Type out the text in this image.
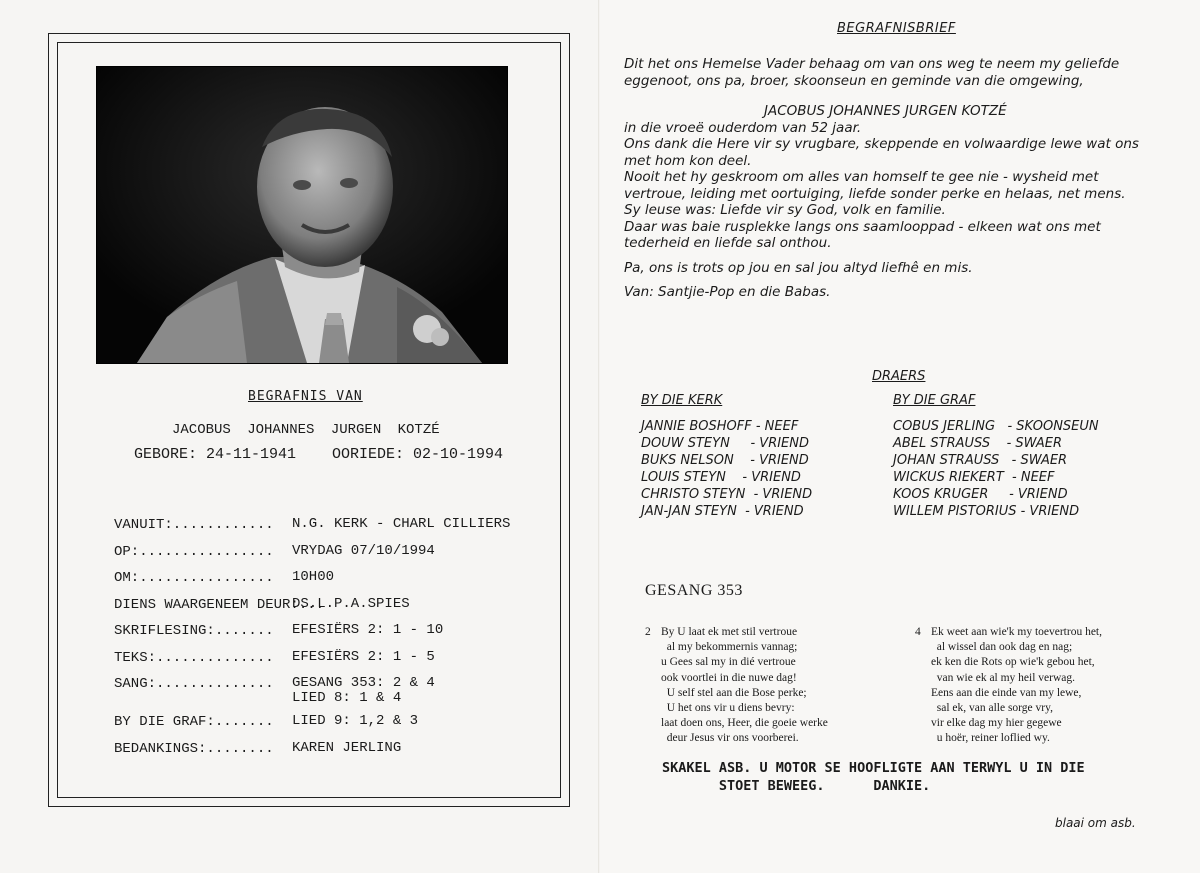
BEGRAFNIS VAN
JACOBUS JOHANNES JURGEN KOTZÉ
GEBORE: 24-11-1941    OORIEDE: 02-10-1994
VANUIT:............	N.G. KERK - CHARL CILLIERS
OP:................	VRYDAG 07/10/1994
OM:................	10H00
DIENS WAARGENEEM DEUR:...
DS.L.P.A.SPIES
SKRIFLESING:.......	EFESIËRS 2: 1 - 10
TEKS:..............	EFESIËRS 2: 1 - 5
SANG:..............	GESANG 353: 2 & 4
LIED 8: 1 & 4
BY DIE GRAF:.......	LIED 9: 1,2 & 3
BEDANKINGS:........	KAREN JERLING
BEGRAFNISBRIEF

Dit het ons Hemelse Vader behaag om van ons weg te neem my geliefde eggenoot, ons pa, broer, skoonseun en geminde van die omgewing,

JACOBUS JOHANNES JURGEN KOTZÉ

in die vroeë ouderdom van 52 jaar.

Ons dank die Here vir sy vrugbare, skeppende en volwaardige lewe wat ons met hom kon deel.

Nooit het hy geskroom om alles van homself te gee nie - wysheid met vertroue, leiding met oortuiging, liefde sonder perke en helaas, net mens.

Sy leuse was: Liefde vir sy God, volk en familie.

Daar was baie rusplekke langs ons saamlooppad - elkeen wat ons met tederheid en liefde sal onthou.

Pa, ons is trots op jou en sal jou altyd liefhê en mis.

Van: Santjie-Pop en die Babas.

DRAERS
BY DIE KERK	BY DIE GRAF
JANNIE BOSHOFF - NEEF
DOUW STEYN     - VRIEND
BUKS NELSON    - VRIEND
LOUIS STEYN    - VRIEND
CHRISTO STEYN  - VRIEND
JAN-JAN STEYN  - VRIEND
COBUS JERLING   - SKOONSEUN
ABEL STRAUSS    - SWAER
JOHAN STRAUSS   - SWAER
WICKUS RIEKERT  - NEEF
KOOS KRUGER     - VRIEND
WILLEM PISTORIUS - VRIEND
GESANG 353
2 By U laat ek met stil vertroue
al my bekommernis vannag;
u Gees sal my in dié vertroue
ook voortlei in die nuwe dag!
U self stel aan die Bose perke;
U het ons vir u diens bevry:
laat doen ons, Heer, die goeie werke
deur Jesus vir ons voorberei.
4 Ek weet aan wie'k my toevertrou het,
al wissel dan ook dag en nag;
ek ken die Rots op wie'k gebou het,
van wie ek al my heil verwag.
Eens aan die einde van my lewe,
sal ek, van alle sorge vry,
vir elke dag my hier gegewe
u hoër, reiner loflied wy.
SKAKEL ASB. U MOTOR SE HOOFLIGTE AAN TERWYL U IN DIE
STOET BEWEEG.      DANKIE.
blaai om asb.
